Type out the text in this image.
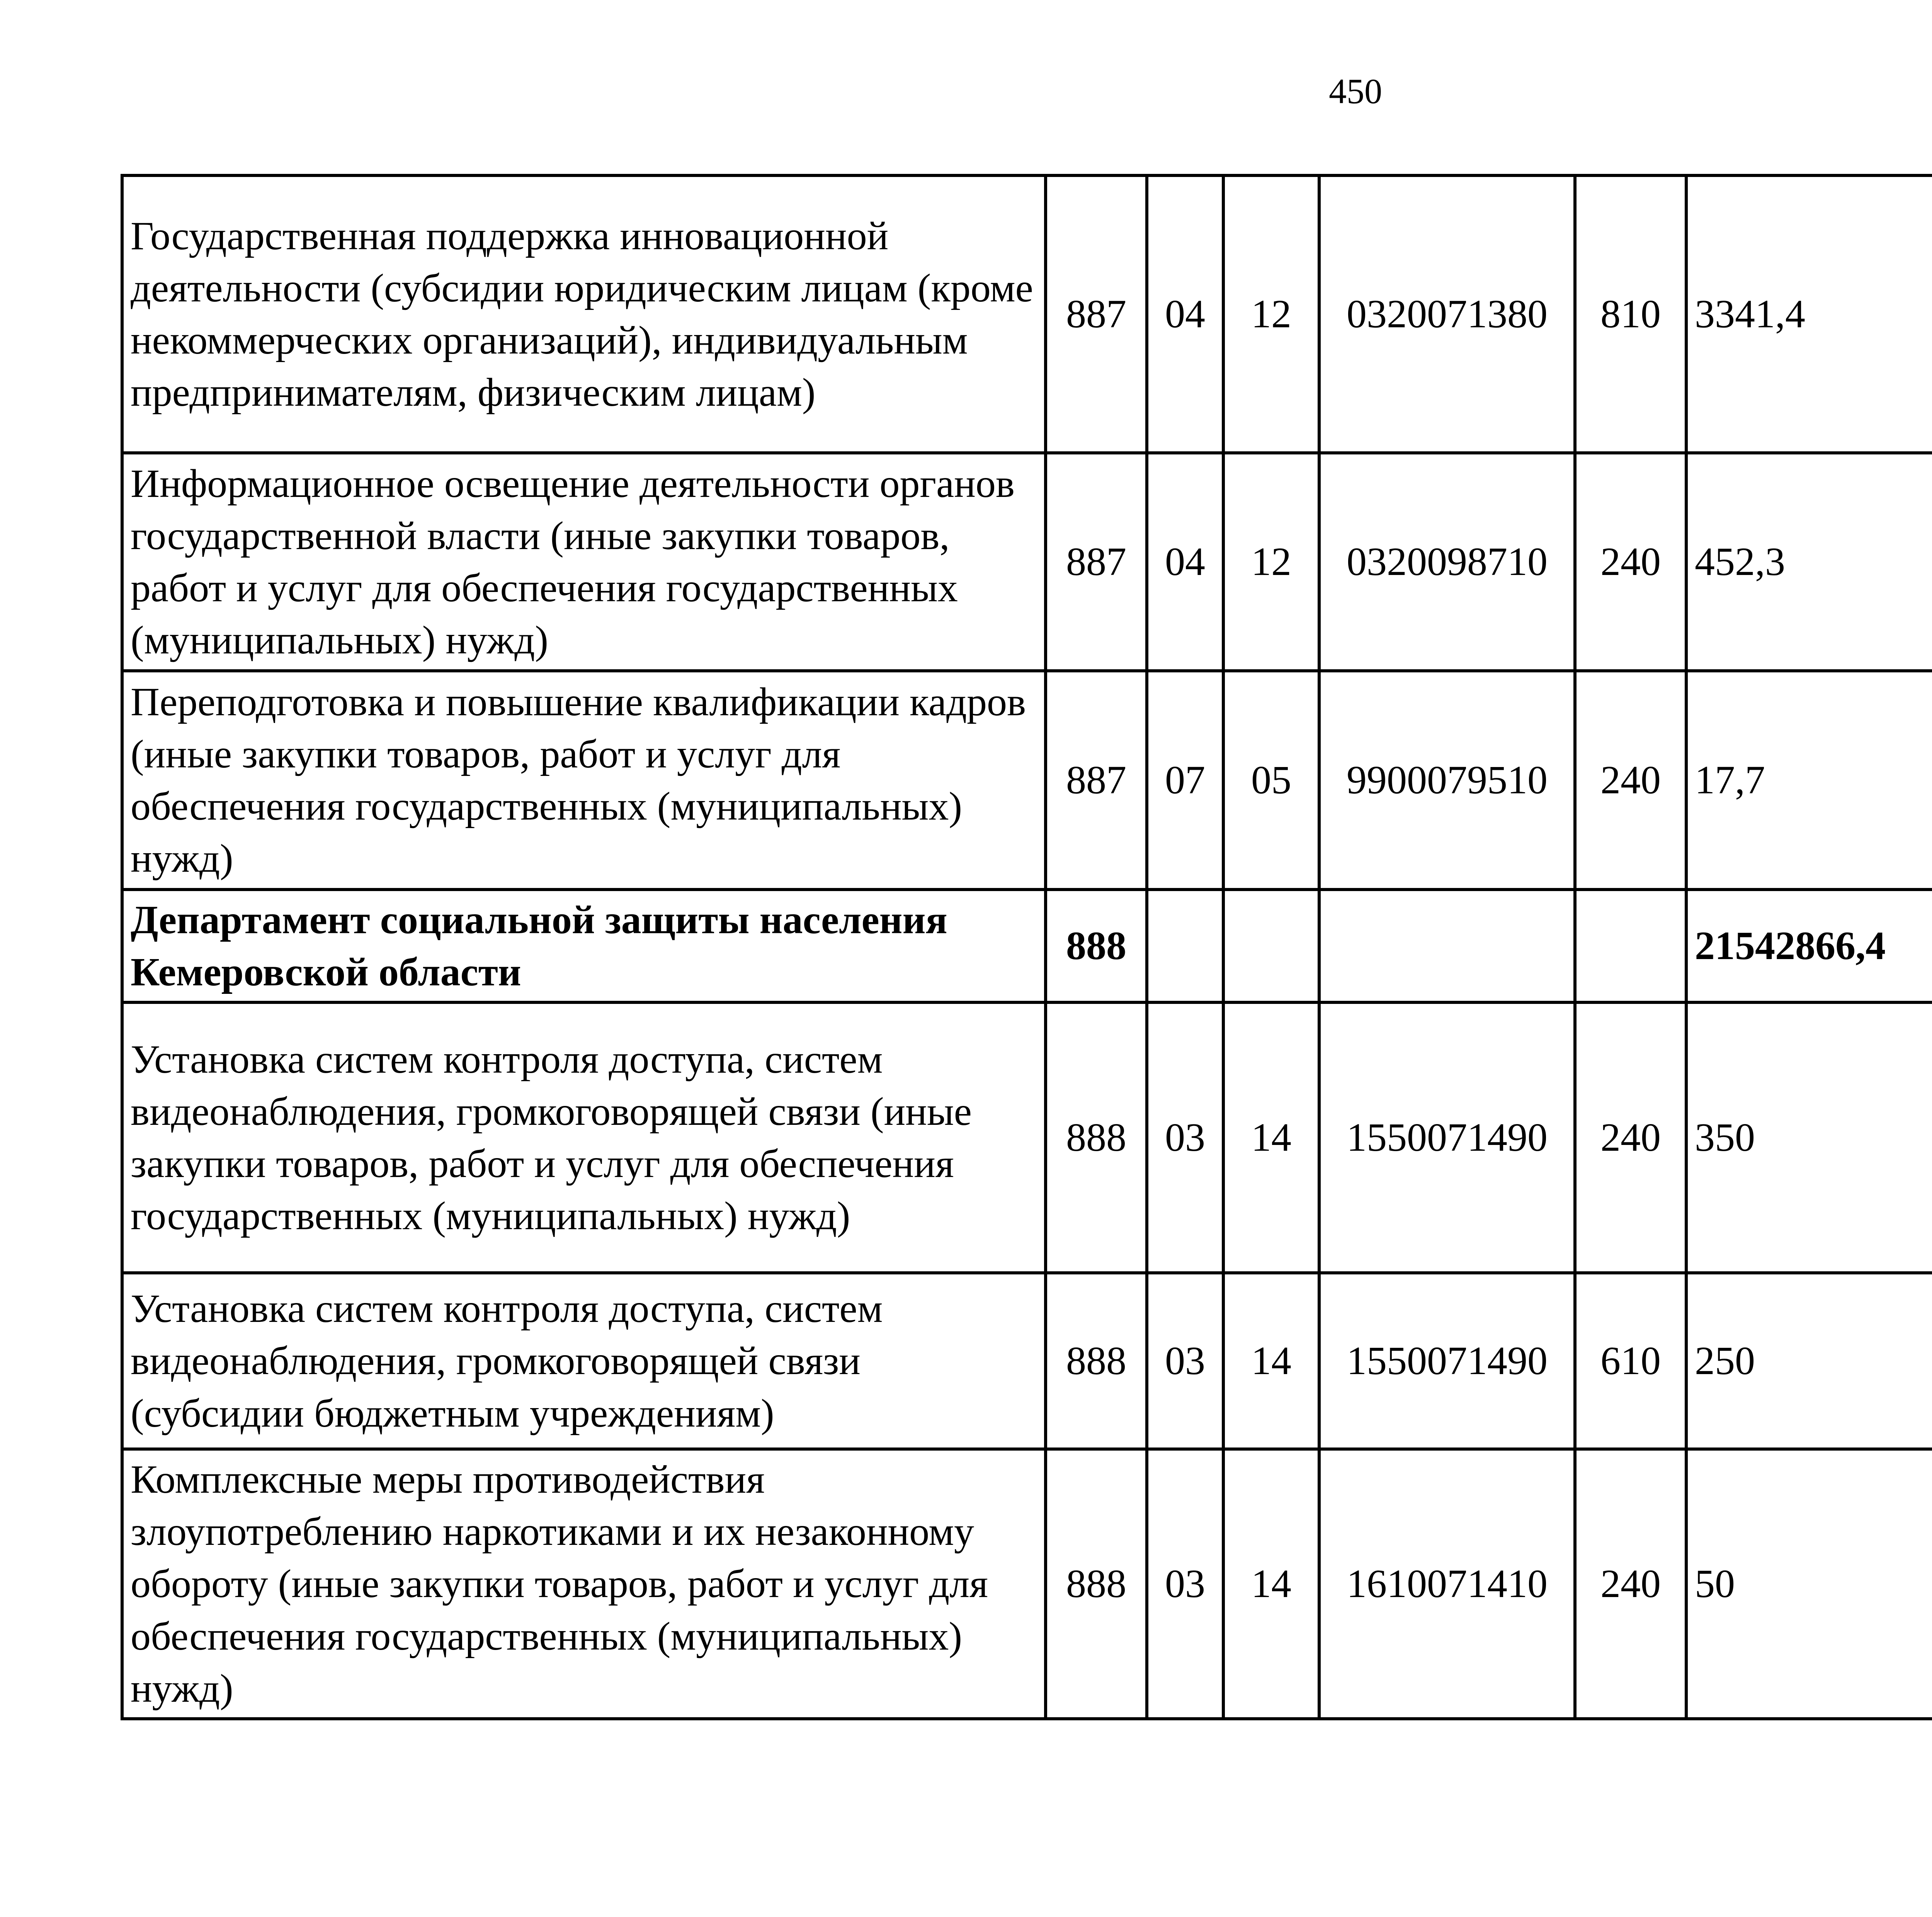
450
Государственная поддержка инновационной деятельности (субсидии юридическим лицам (кроме некоммерческих организаций), индивидуальным предпринимателям, физическим лицам)	887	04	12	0320071380	810	3341,4		
Информационное освещение деятельности органов государственной власти (иные закупки товаров, работ и услуг для обеспечения государственных (муниципальных) нужд)	887	04	12	0320098710	240	452,3		
Переподготовка и повышение квалификации кадров (иные закупки товаров, работ и услуг для обеспечения государственных (муниципальных) нужд)	887	07	05	9900079510	240	17,7		
Департамент социальной защиты населения Кемеровской области	888					21542866,4		
Установка систем контроля доступа, систем видеонаблюдения, громкоговорящей связи (иные закупки товаров, работ и услуг для обеспечения государственных (муниципальных) нужд)	888	03	14	1550071490	240	350		
Установка систем контроля доступа, систем видеонаблюдения, громкоговорящей связи (субсидии бюджетным учреждениям)	888	03	14	1550071490	610	250		
Комплексные меры противодействия злоупотреблению наркотиками и их незаконному обороту (иные закупки товаров, работ и услуг для обеспечения государственных (муниципальных) нужд)	888	03	14	1610071410	240	50		
